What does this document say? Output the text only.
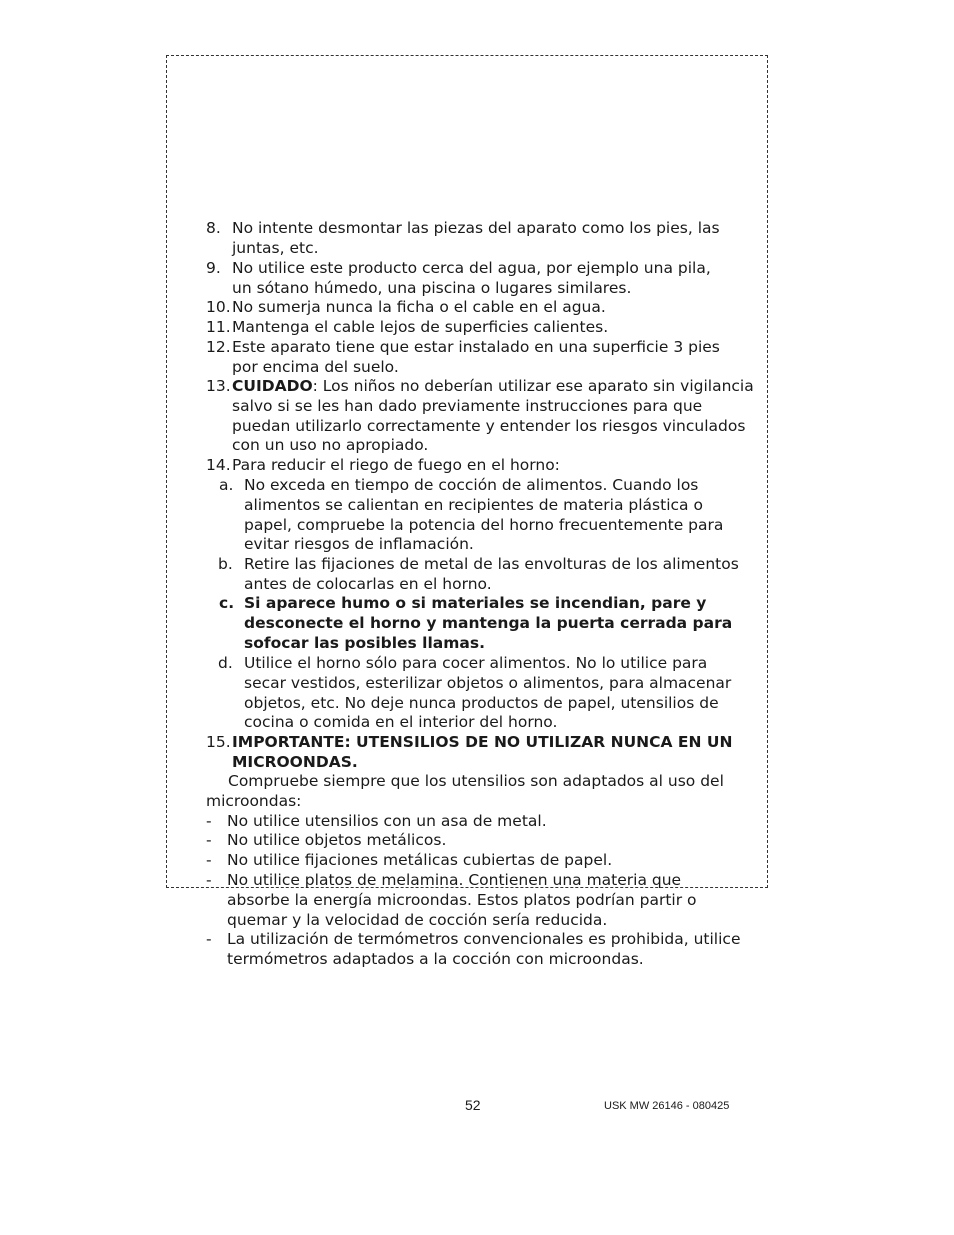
8. No intente desmontar las piezas del aparato como los pies, las
juntas, etc.
9. No utilice este producto cerca del agua, por ejemplo una pila,
un sótano húmedo, una piscina o lugares similares.
10. No sumerja nunca la ficha o el cable en el agua.
11. Mantenga el cable lejos de superficies calientes.
12. Este aparato tiene que estar instalado en una superficie 3 pies
por encima del suelo.
13. CUIDADO: Los niños no deberían utilizar ese aparato sin vigilancia
salvo si se les han dado previamente instrucciones para que
puedan utilizarlo correctamente y entender los riesgos vinculados
con un uso no apropiado.
14. Para reducir el riego de fuego en el horno:
a. No exceda en tiempo de cocción de alimentos. Cuando los
alimentos se calientan en recipientes de materia plástica o
papel, compruebe la potencia del horno frecuentemente para
evitar riesgos de inflamación.
b. Retire las fijaciones de metal de las envolturas de los alimentos
antes de colocarlas en el horno.
c. Si aparece humo o si materiales se incendian, pare y
desconecte el horno y mantenga la puerta cerrada para
sofocar las posibles llamas.
d. Utilice el horno sólo para cocer alimentos. No lo utilice para
secar vestidos, esterilizar objetos o alimentos, para almacenar
objetos, etc. No deje nunca productos de papel, utensilios de
cocina o comida en el interior del horno.
15. IMPORTANTE: UTENSILIOS DE NO UTILIZAR NUNCA EN UN
MICROONDAS.
Compruebe siempre que los utensilios son adaptados al uso del
microondas:
- No utilice utensilios con un asa de metal.
- No utilice objetos metálicos.
- No utilice fijaciones metálicas cubiertas de papel.
- No utilice platos de melamina. Contienen una materia que
absorbe la energía microondas. Estos platos podrían partir o
quemar y la velocidad de cocción sería reducida.
- La utilización de termómetros convencionales es prohibida, utilice
termómetros adaptados a la cocción con microondas.
52	USK MW 26146 - 080425
